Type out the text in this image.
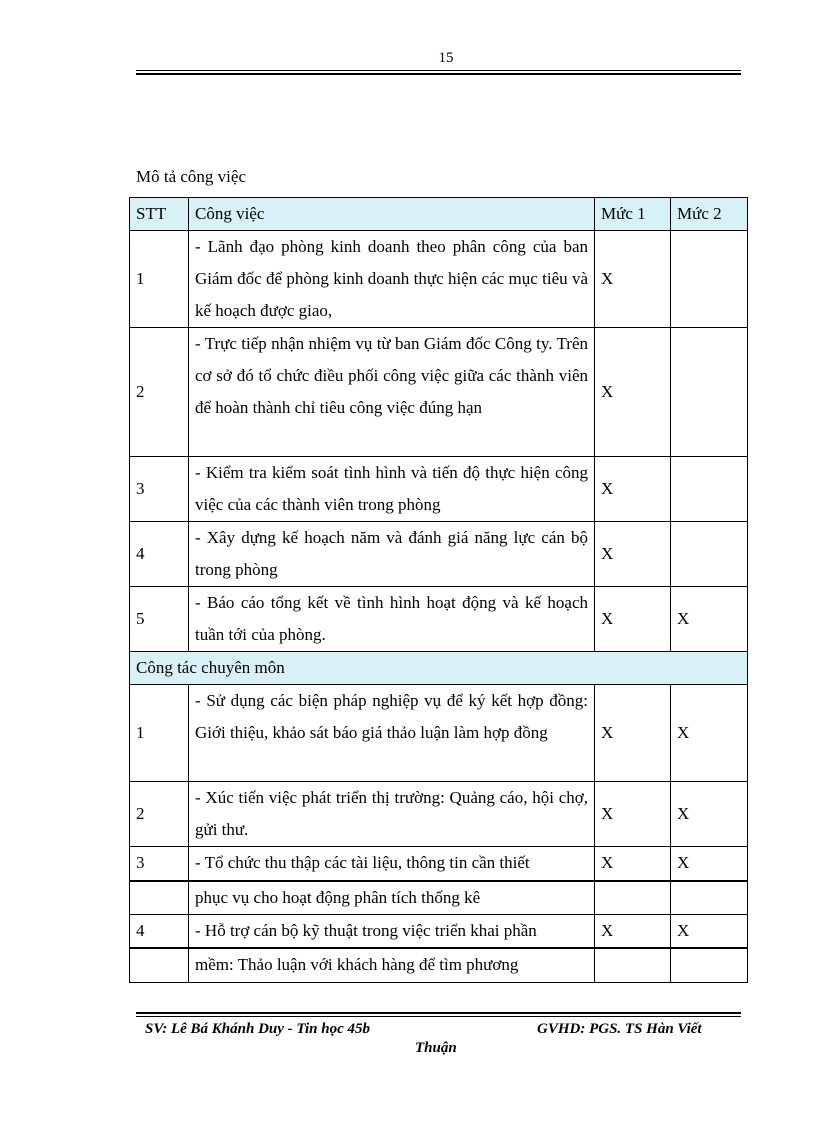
15
Mô tả công việc
STT	Công việc	Mức 1	Mức 2
1	- Lãnh đạo phòng kinh doanh theo phân công của ban Giám đốc để phòng kinh doanh thực hiện các mục tiêu và kế hoạch được giao,	X	
2	- Trực tiếp nhận nhiệm vụ từ ban Giám đốc Công ty. Trên cơ sở đó tổ chức điều phối công việc giữa các thành viên để hoàn thành chỉ tiêu công việc đúng hạn	X	
3	- Kiểm tra kiểm soát tình hình và tiến độ thực hiện công việc của các thành viên trong phòng	X	
4	- Xây dựng kế hoạch năm và đánh giá năng lực cán bộ trong phòng	X	
5	- Báo cáo tổng kết về tình hình hoạt động và kế hoạch tuần tới của phòng.	X	X
Công tác chuyên môn			
1	- Sử dụng các biện pháp nghiệp vụ để ký kết hợp đồng: Giới thiệu, khảo sát báo giá thảo luận làm hợp đồng	X	X
2	- Xúc tiến việc phát triển thị trường: Quảng cáo, hội chợ, gửi thư.	X	X
3	- Tổ chức thu thập các tài liệu, thông tin cần thiết	X	X
	phục vụ cho hoạt động phân tích thống kê		
4	- Hỗ trợ cán bộ kỹ thuật trong việc triển khai phần	X	X
	mềm: Thảo luận với khách hàng để tìm phương		
SV: Lê Bá Khánh Duy - Tin học 45b	GVHD: PGS. TS Hàn Viết
Thuận
